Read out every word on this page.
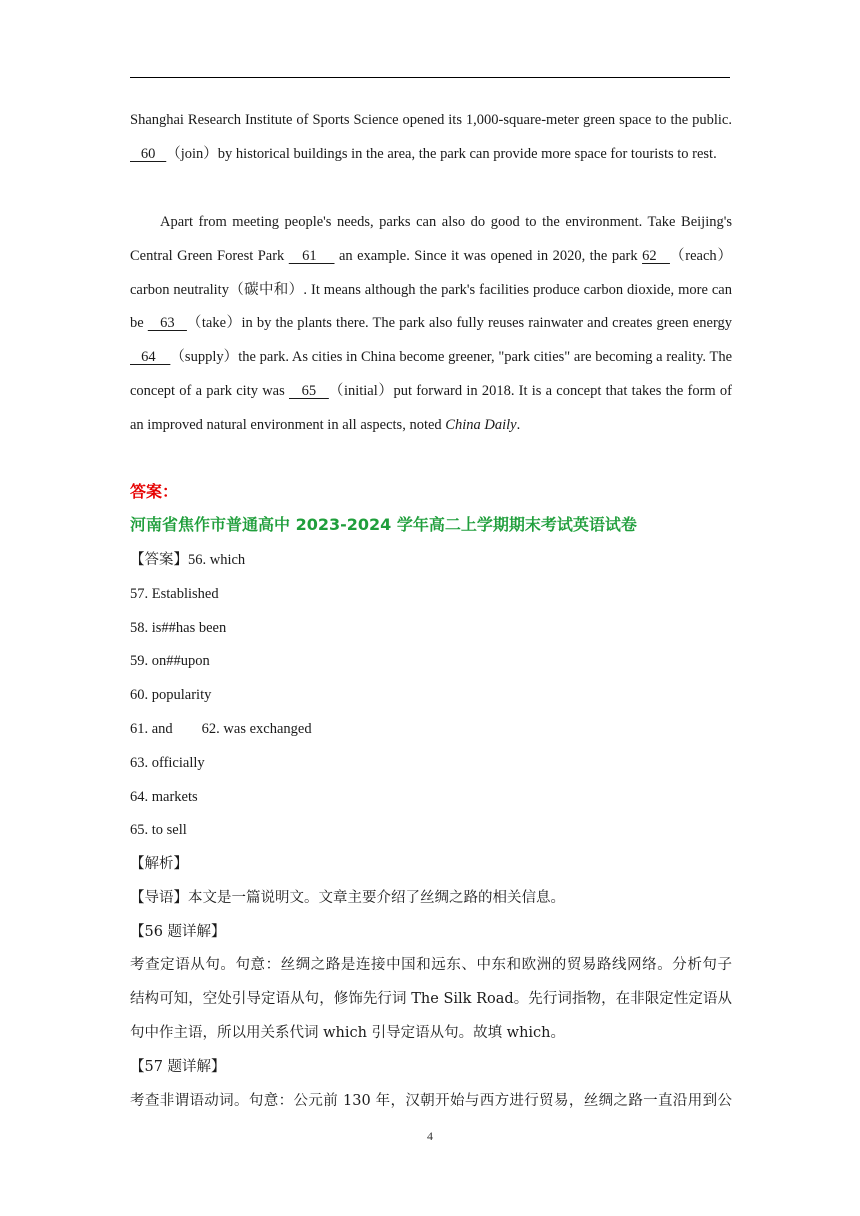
Shanghai Research Institute of Sports Science opened its 1,000-square-meter green space to the public.    60   （join）by historical buildings in the area, the park can provide more space for tourists to rest.
Apart from meeting people's needs, parks can also do good to the environment. Take Beijing's Central Green Forest Park    61     an example. Since it was opened in 2020, the park 62   （reach）carbon neutrality（碳中和）. It means although the park's facilities produce carbon dioxide, more can be    63   （take）in by the plants there. The park also fully reuses rainwater and creates green energy    64    （supply）the park. As cities in China become greener, "park cities" are becoming a reality. The concept of a park city was    65   （initial）put forward in 2018. It is a concept that takes the form of an improved natural environment in all aspects, noted China Daily.
答案：
河南省焦作市普通高中 2023-2024 学年高二上学期期末考试英语试卷
【答案】56. which
57. Established
58. is##has been
59. on##upon
60. popularity
61. and        62. was exchanged
63. officially
64. markets
65. to sell
【解析】
【导语】本文是一篇说明文。文章主要介绍了丝绸之路的相关信息。
【56 题详解】
考查定语从句。句意：丝绸之路是连接中国和远东、中东和欧洲的贸易路线网络。分析句子
结构可知，空处引导定语从句，修饰先行词 The Silk Road。先行词指物，在非限定性定语从
句中作主语，所以用关系代词 which 引导定语从句。故填 which。
【57 题详解】
考查非谓语动词。句意：公元前 130 年，汉朝开始与西方进行贸易，丝绸之路一直沿用到公
4
